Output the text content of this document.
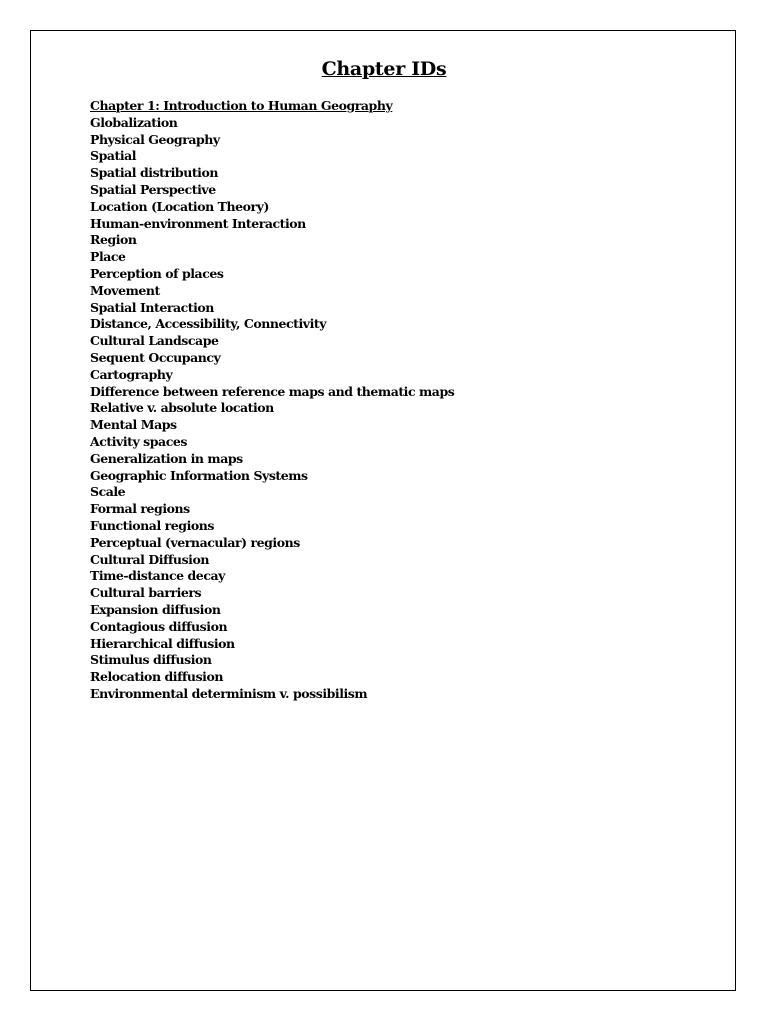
Chapter IDs
Chapter 1: Introduction to Human Geography
Globalization
Physical Geography
Spatial
Spatial distribution
Spatial Perspective
Location (Location Theory)
Human-environment Interaction
Region
Place
Perception of places
Movement
Spatial Interaction
Distance, Accessibility, Connectivity
Cultural Landscape
Sequent Occupancy
Cartography
Difference between reference maps and thematic maps
Relative v. absolute location
Mental Maps
Activity spaces
Generalization in maps
Geographic Information Systems
Scale
Formal regions
Functional regions
Perceptual (vernacular) regions
Cultural Diffusion
Time-distance decay
Cultural barriers
Expansion diffusion
Contagious diffusion
Hierarchical diffusion
Stimulus diffusion
Relocation diffusion
Environmental determinism v. possibilism
